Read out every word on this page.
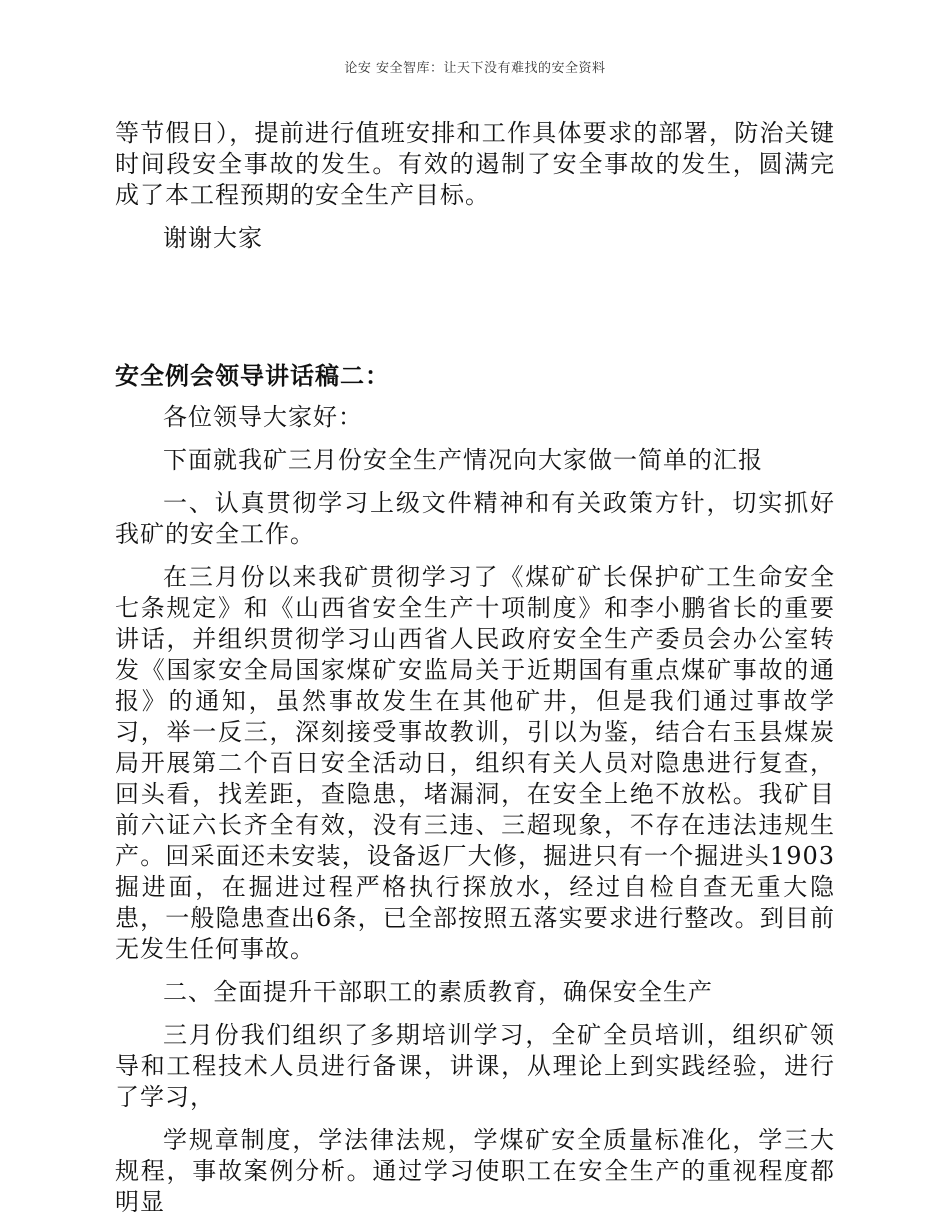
论安 安全智库：让天下没有难找的安全资料

等节假日），提前进行值班安排和工作具体要求的部署，防治关键时间段安全事故的发生。有效的遏制了安全事故的发生，圆满完成了本工程预期的安全生产目标。

谢谢大家

安全例会领导讲话稿二：

各位领导大家好：

下面就我矿三月份安全生产情况向大家做一简单的汇报

一、认真贯彻学习上级文件精神和有关政策方针，切实抓好我矿的安全工作。

在三月份以来我矿贯彻学习了《煤矿矿长保护矿工生命安全七条规定》和《山西省安全生产十项制度》和李小鹏省长的重要讲话，并组织贯彻学习山西省人民政府安全生产委员会办公室转发《国家安全局国家煤矿安监局关于近期国有重点煤矿事故的通报》的通知，虽然事故发生在其他矿井，但是我们通过事故学习，举一反三，深刻接受事故教训，引以为鉴，结合右玉县煤炭局开展第二个百日安全活动日，组织有关人员对隐患进行复查，回头看，找差距，查隐患，堵漏洞，在安全上绝不放松。我矿目前六证六长齐全有效，没有三违、三超现象，不存在违法违规生产。回采面还未安装，设备返厂大修，掘进只有一个掘进头1903掘进面，在掘进过程严格执行探放水，经过自检自查无重大隐患，一般隐患查出6条，已全部按照五落实要求进行整改。到目前无发生任何事故。

二、全面提升干部职工的素质教育，确保安全生产

三月份我们组织了多期培训学习，全矿全员培训，组织矿领导和工程技术人员进行备课，讲课，从理论上到实践经验，进行了学习，

学规章制度，学法律法规，学煤矿安全质量标准化，学三大规程，事故案例分析。通过学习使职工在安全生产的重视程度都明显
